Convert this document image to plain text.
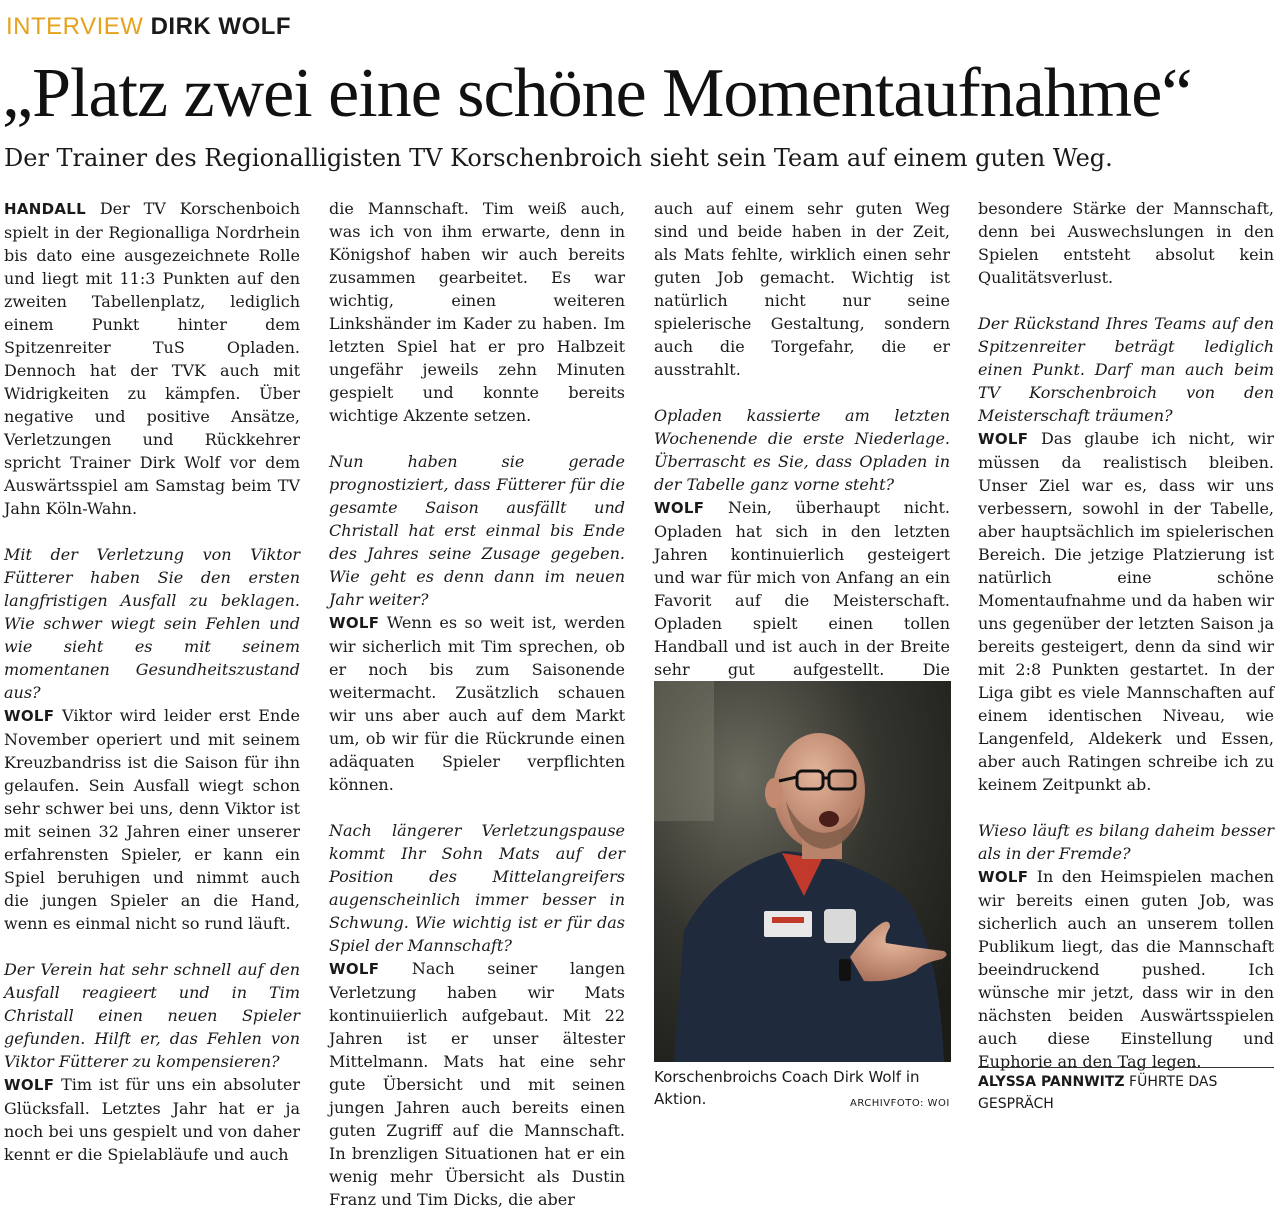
INTERVIEW DIRK WOLF
„Platz zwei eine schöne Momentaufnahme“
Der Trainer des Regionalligisten TV Korschenbroich sieht sein Team auf einem guten Weg.

HANDALL Der TV Korschenboich spielt in der Regionalliga Nordrhein bis dato eine ausgezeichnete Rolle und liegt mit 11:3 Punkten auf den zweiten Tabellenplatz, lediglich einem Punkt hinter dem Spitzenreiter TuS Opladen. Dennoch hat der TVK auch mit Widrigkeiten zu kämpfen. Über negative und positive Ansätze, Verletzungen und Rückkehrer spricht Trainer Dirk Wolf vor dem Auswärtsspiel am Samstag beim TV Jahn Köln-Wahn.

Mit der Verletzung von Viktor Fütterer haben Sie den ersten langfristigen Ausfall zu beklagen. Wie schwer wiegt sein Fehlen und wie sieht es mit seinem momentanen Gesundheitszustand aus?

WOLF Viktor wird leider erst Ende November operiert und mit seinem Kreuzbandriss ist die Saison für ihn gelaufen. Sein Ausfall wiegt schon sehr schwer bei uns, denn Viktor ist mit seinen 32 Jahren einer unserer erfahrensten Spieler, er kann ein Spiel beruhigen und nimmt auch die jungen Spieler an die Hand, wenn es einmal nicht so rund läuft.

Der Verein hat sehr schnell auf den Ausfall reagieert und in Tim Christall einen neuen Spieler gefunden. Hilft er, das Fehlen von Viktor Fütterer zu kompensieren?

WOLF Tim ist für uns ein absoluter Glücksfall. Letztes Jahr hat er ja noch bei uns gespielt und von daher kennt er die Spielabläufe und auch

die Mannschaft. Tim weiß auch, was ich von ihm erwarte, denn in Königshof haben wir auch bereits zusammen gearbeitet. Es war wichtig, einen weiteren Linkshänder im Kader zu haben. Im letzten Spiel hat er pro Halbzeit ungefähr jeweils zehn Minuten gespielt und konnte bereits wichtige Akzente setzen.

Nun haben sie gerade prognostiziert, dass Fütterer für die gesamte Saison ausfällt und Christall hat erst einmal bis Ende des Jahres seine Zusage gegeben. Wie geht es denn dann im neuen Jahr weiter?

WOLF Wenn es so weit ist, werden wir sicherlich mit Tim sprechen, ob er noch bis zum Saisonende weitermacht. Zusätzlich schauen wir uns aber auch auf dem Markt um, ob wir für die Rückrunde einen adäquaten Spieler verpflichten können.

Nach längerer Verletzungspause kommt Ihr Sohn Mats auf der Position des Mittelangreifers augenscheinlich immer besser in Schwung. Wie wichtig ist er für das Spiel der Mannschaft?

WOLF Nach seiner langen Verletzung haben wir Mats kontinuiierlich aufgebaut. Mit 22 Jahren ist er unser ältester Mittelmann. Mats hat eine sehr gute Übersicht und mit seinen jungen Jahren auch bereits einen guten Zugriff auf die Mannschaft. In brenzligen Situationen hat er ein wenig mehr Übersicht als Dustin Franz und Tim Dicks, die aber

auch auf einem sehr guten Weg sind und beide haben in der Zeit, als Mats fehlte, wirklich einen sehr guten Job gemacht. Wichtig ist natürlich nicht nur seine spielerische Gestaltung, sondern auch die Torgefahr, die er ausstrahlt.

Opladen kassierte am letzten Wochenende die erste Niederlage. Überrascht es Sie, dass Opladen in der Tabelle ganz vorne steht?

WOLF Nein, überhaupt nicht. Opladen hat sich in den letzten Jahren kontinuierlich gesteigert und war für mich von Anfang an ein Favorit auf die Meisterschaft. Opladen spielt einen tollen Handball und ist auch in der Breite sehr gut aufgestellt. Die

Korschenbroichs Coach Dirk Wolf in Aktion.	ARCHIVFOTO: WOI

besondere Stärke der Mannschaft, denn bei Auswechslungen in den Spielen entsteht absolut kein Qualitätsverlust.

Der Rückstand Ihres Teams auf den Spitzenreiter beträgt lediglich einen Punkt. Darf man auch beim TV Korschenbroich von den Meisterschaft träumen?

WOLF Das glaube ich nicht, wir müssen da realistisch bleiben. Unser Ziel war es, dass wir uns verbessern, sowohl in der Tabelle, aber hauptsächlich im spielerischen Bereich. Die jetzige Platzierung ist natürlich eine schöne Momentaufnahme und da haben wir uns gegenüber der letzten Saison ja bereits gesteigert, denn da sind wir mit 2:8 Punkten gestartet. In der Liga gibt es viele Mannschaften auf einem identischen Niveau, wie Langenfeld, Aldekerk und Essen, aber auch Ratingen schreibe ich zu keinem Zeitpunkt ab.

Wieso läuft es bilang daheim besser als in der Fremde?

WOLF In den Heimspielen machen wir bereits einen guten Job, was sicherlich auch an unserem tollen Publikum liegt, das die Mannschaft beeindruckend pushed. Ich wünsche mir jetzt, dass wir in den nächsten beiden Auswärtsspielen auch diese Einstellung und Euphorie an den Tag legen.

ALYSSA PANNWITZ FÜHRTE DAS GESPRÄCH
